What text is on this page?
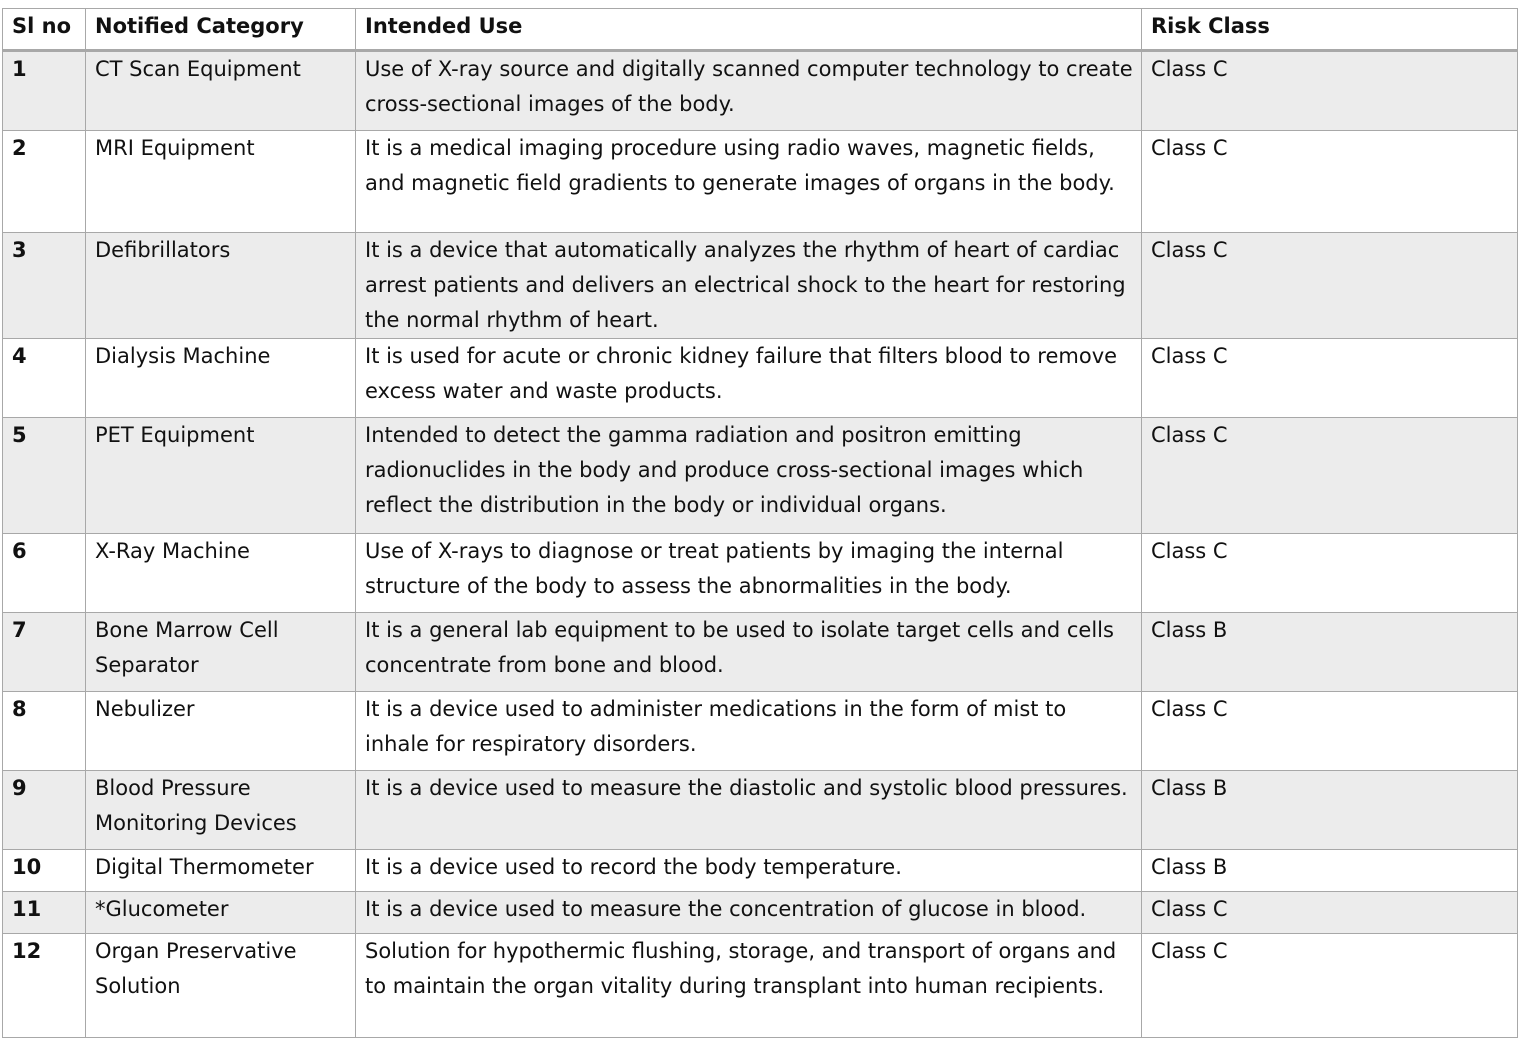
Sl no	Notified Category	Intended Use	Risk Class
1	CT Scan Equipment	Use of X-ray source and digitally scanned computer technology to create cross-sectional images of the body.	Class C
2	MRI Equipment	It is a medical imaging procedure using radio waves, magnetic fields, and magnetic field gradients to generate images of organs in the body.	Class C
3	Defibrillators	It is a device that automatically analyzes the rhythm of heart of cardiac arrest patients and delivers an electrical shock to the heart for restoring the normal rhythm of heart.	Class C
4	Dialysis Machine	It is used for acute or chronic kidney failure that filters blood to remove excess water and waste products.	Class C
5	PET Equipment	Intended to detect the gamma radiation and positron emitting radionuclides in the body and produce cross-sectional images which reflect the distribution in the body or individual organs.	Class C
6	X-Ray Machine	Use of X-rays to diagnose or treat patients by imaging the internal structure of the body to assess the abnormalities in the body.	Class C
7	Bone Marrow Cell Separator	It is a general lab equipment to be used to isolate target cells and cells concentrate from bone and blood.	Class B
8	Nebulizer	It is a device used to administer medications in the form of mist to inhale for respiratory disorders.	Class C
9	Blood Pressure Monitoring Devices	It is a device used to measure the diastolic and systolic blood pressures.	Class B
10	Digital Thermometer	It is a device used to record the body temperature.	Class B
11	*Glucometer	It is a device used to measure the concentration of glucose in blood.	Class C
12	Organ Preservative Solution	Solution for hypothermic flushing, storage, and transport of organs and to maintain the organ vitality during transplant into human recipients.	Class C
